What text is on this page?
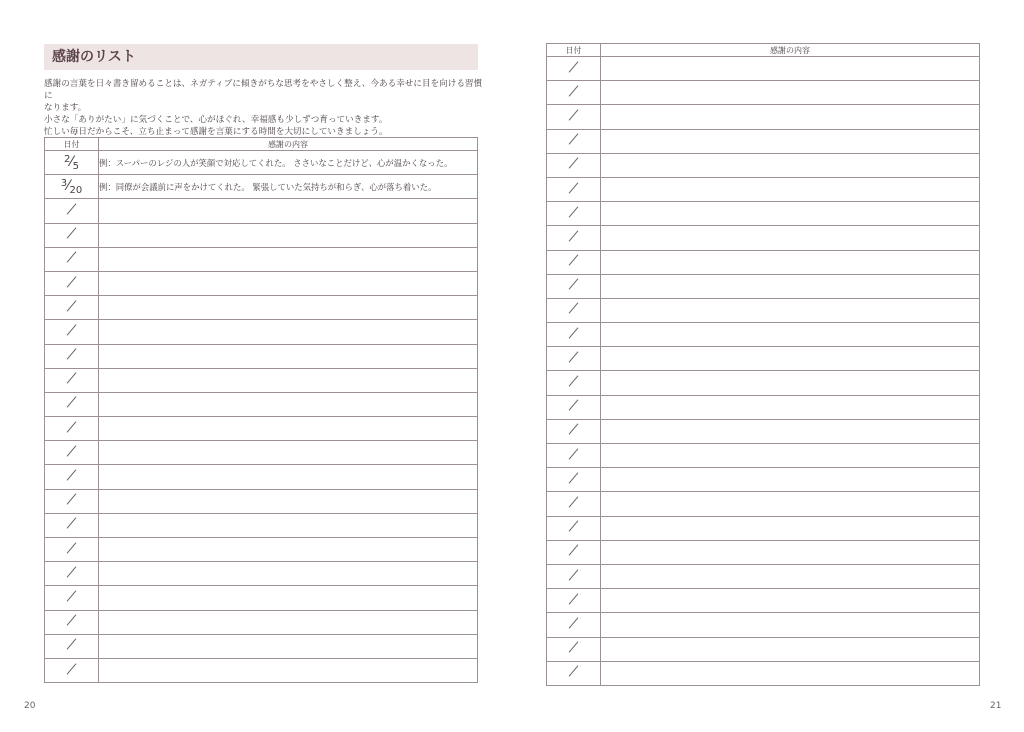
感謝のリスト

感謝の言葉を日々書き留めることは、ネガティブに傾きがちな思考をやさしく整え、今ある幸せに目を向ける習慣に

なります。

小さな「ありがたい」に気づくことで、心がほぐれ、幸福感も少しずつ育っていきます。

忙しい毎日だからこそ、立ち止まって感謝を言葉にする時間を大切にしていきましょう。

日付	感謝の内容
2⁄5	例：スーパーのレジの人が笑顔で対応してくれた。 ささいなことだけど、心が温かくなった。
3⁄20	例：同僚が会議前に声をかけてくれた。 緊張していた気持ちが和らぎ、心が落ち着いた。

日付	感謝の内容

20	21
